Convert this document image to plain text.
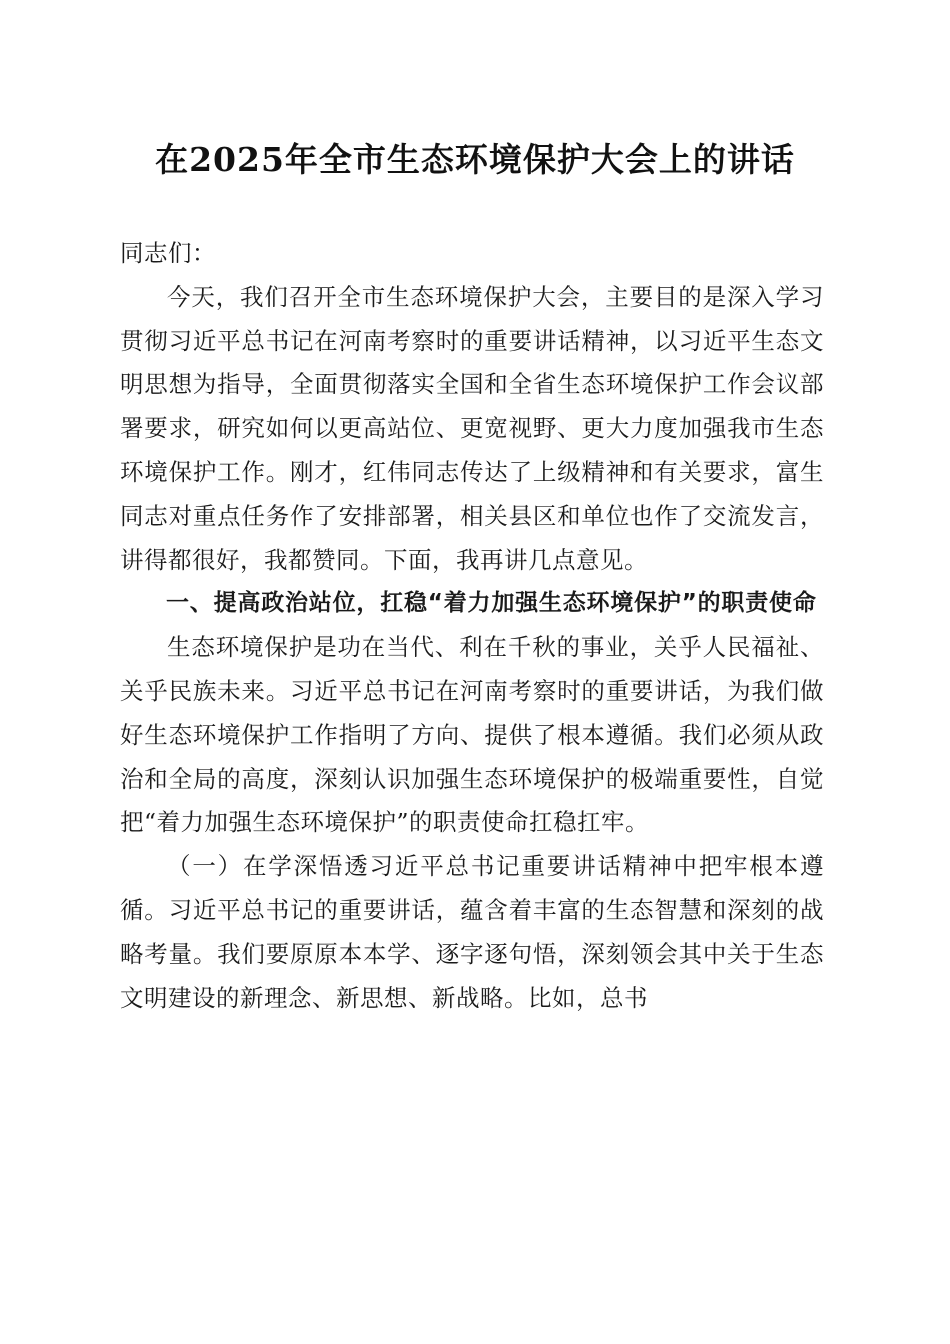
在2025年全市生态环境保护大会上的讲话

同志们：

今天，我们召开全市生态环境保护大会，主要目的是深入学习贯彻习近平总书记在河南考察时的重要讲话精神，以习近平生态文明思想为指导，全面贯彻落实全国和全省生态环境保护工作会议部署要求，研究如何以更高站位、更宽视野、更大力度加强我市生态环境保护工作。刚才，红伟同志传达了上级精神和有关要求，富生同志对重点任务作了安排部署，相关县区和单位也作了交流发言，讲得都很好，我都赞同。下面，我再讲几点意见。

一、提高政治站位，扛稳“着力加强生态环境保护”的职责使命

生态环境保护是功在当代、利在千秋的事业，关乎人民福祉、关乎民族未来。习近平总书记在河南考察时的重要讲话，为我们做好生态环境保护工作指明了方向、提供了根本遵循。我们必须从政治和全局的高度，深刻认识加强生态环境保护的极端重要性，自觉把“着力加强生态环境保护”的职责使命扛稳扛牢。

（一）在学深悟透习近平总书记重要讲话精神中把牢根本遵循。习近平总书记的重要讲话，蕴含着丰富的生态智慧和深刻的战略考量。我们要原原本本学、逐字逐句悟，深刻领会其中关于生态文明建设的新理念、新思想、新战略。比如，总书
